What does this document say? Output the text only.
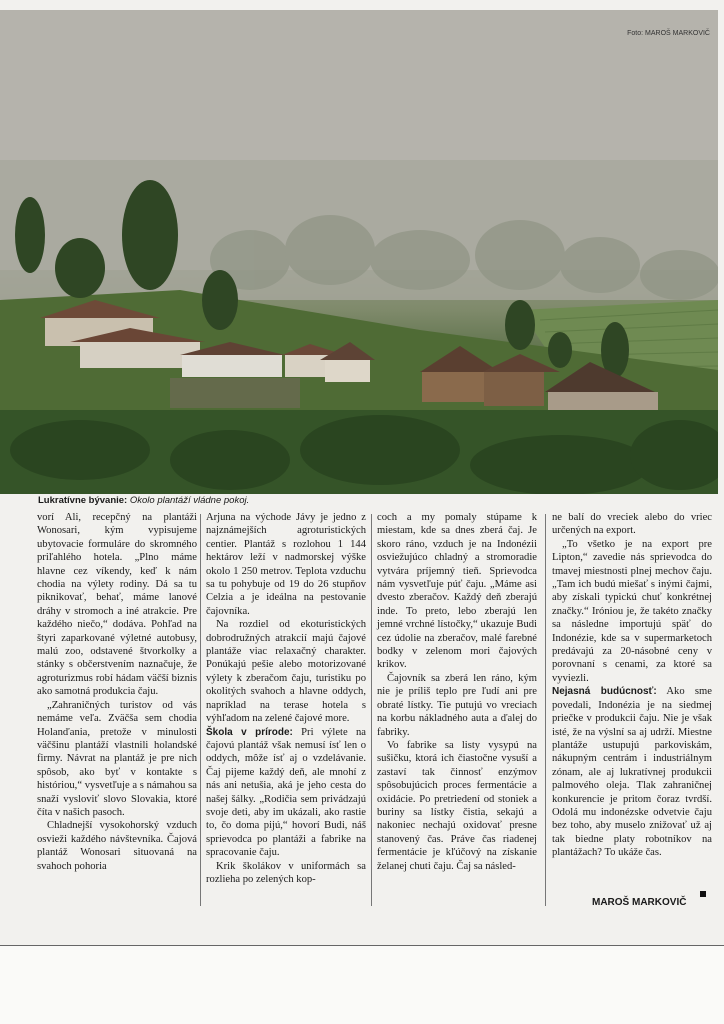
Foto: MAROŠ MARKOVIČ
Lukratívne bývanie: Okolo plantáží vládne pokoj.

vorí Ali, recepčný na plantáži Wonosari, kým vypisujeme ubytovacie formuláre do skromného priľahlého hotela. „Plno máme hlavne cez víkendy, keď k nám chodia na výlety rodiny. Dá sa tu piknikovať, behať, máme lanové dráhy v stromoch a iné atrakcie. Pre každého niečo,“ dodáva. Pohľad na štyri zaparkované výletné autobusy, malú zoo, odstavené štvorkolky a stánky s občerstvením naznačuje, že agroturizmus robí hádam väčší biznis ako samotná produkcia čaju.

„Zahraničných turistov od vás nemáme veľa. Zväčša sem chodia Holanďania, pretože v minulosti väčšinu plantáží vlastnili holandské firmy. Návrat na plantáž je pre nich spôsob, ako byť v kontakte s históriou,“ vysvetľuje a s námahou sa snaží vysloviť slovo Slovakia, ktoré číta v našich pasoch.

Chladnejší vysokohorský vzduch osvieži každého návštevníka. Čajová plantáž Wonosari situovaná na svahoch pohoria

Arjuna na východe Jávy je jedno z najznámejších agroturistických centier. Plantáž s rozlohou 1 144 hektárov leží v nadmorskej výške okolo 1 250 metrov. Teplota vzduchu sa tu pohybuje od 19 do 26 stupňov Celzia a je ideálna na pestovanie čajovníka.

Na rozdiel od ekoturistických dobrodružných atrakcií majú čajové plantáže viac relaxačný charakter. Ponúkajú pešie alebo motorizované výlety k zberačom čaju, turistiku po okolitých svahoch a hlavne oddych, napríklad na terase hotela s výhľadom na zelené čajové more.

Škola v prírode: Pri výlete na čajovú plantáž však nemusí ísť len o oddych, môže ísť aj o vzdelávanie. Čaj pijeme každý deň, ale mnohí z nás ani netušia, aká je jeho cesta do našej šálky. „Rodičia sem privádzajú svoje deti, aby im ukázali, ako rastie to, čo doma pijú,“ hovorí Budi, náš sprievodca po plantáži a fabrike na spracovanie čaju.

Krik školákov v uniformách sa rozlieha po zelených kop-

coch a my pomaly stúpame k miestam, kde sa dnes zberá čaj. Je skoro ráno, vzduch je na Indonézii osviežujúco chladný a stromoradie vytvára príjemný tieň. Sprievodca nám vysvetľuje púť čaju. „Máme asi dvesto zberačov. Každý deň zberajú inde. To preto, lebo zberajú len jemné vrchné lístočky,“ ukazuje Budi cez údolie na zberačov, malé farebné bodky v zelenom mori čajových krikov.

Čajovník sa zberá len ráno, kým nie je príliš teplo pre ľudí ani pre obraté lístky. Tie putujú vo vreciach na korbu nákladného auta a ďalej do fabriky.

Vo fabrike sa listy vysypú na sušičku, ktorá ich čiastočne vysuší a zastaví tak činnosť enzýmov spôsobujúcich proces fermentácie a oxidácie. Po pretriedení od stoniek a buriny sa lístky čistia, sekajú a nakoniec nechajú oxidovať presne stanovený čas. Práve čas riadenej fermentácie je kľúčový na získanie želanej chuti čaju. Čaj sa násled-

ne balí do vreciek alebo do vriec určených na export.

„To všetko je na export pre Lipton,“ zavedie nás sprievodca do tmavej miestnosti plnej mechov čaju. „Tam ich budú miešať s inými čajmi, aby získali typickú chuť konkrétnej značky.“ Iróniou je, že takéto značky sa následne importujú späť do Indonézie, kde sa v supermarketoch predávajú za 20-násobné ceny v porovnaní s cenami, za ktoré sa vyviezli.

Nejasná budúcnosť: Ako sme povedali, Indonézia je na siedmej priečke v produkcii čaju. Nie je však isté, že na výslní sa aj udrží. Miestne plantáže ustupujú parkoviskám, nákupným centrám i industriálnym zónam, ale aj lukratívnej produkcii palmového oleja. Tlak zahraničnej konkurencie je pritom čoraz tvrdší. Odolá mu indonézske odvetvie čaju bez toho, aby muselo znižovať už aj tak biedne platy robotníkov na plantážach? To ukáže čas.

MAROŠ MARKOVIČ
